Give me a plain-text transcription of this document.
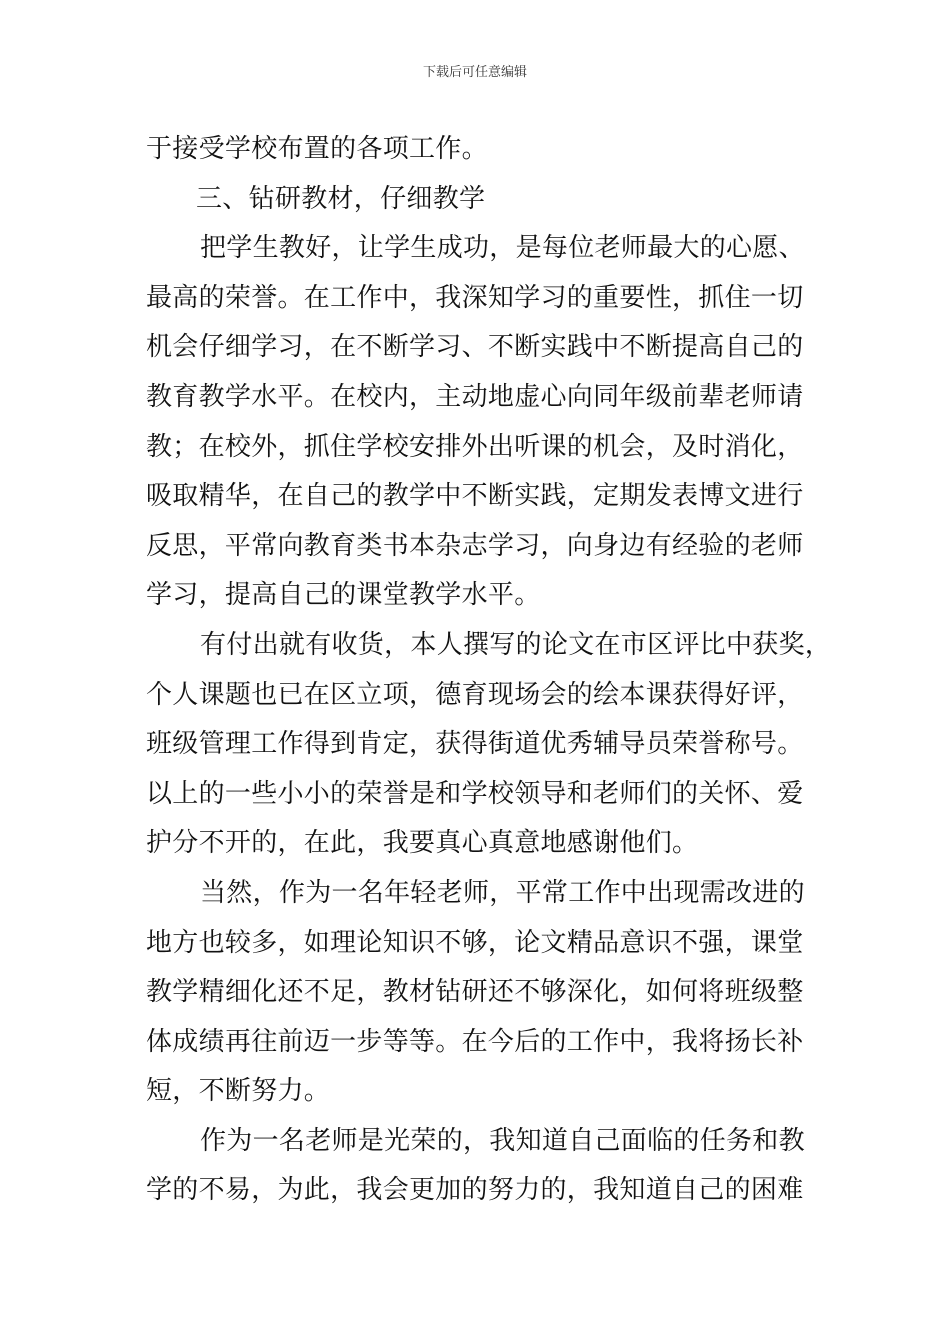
下载后可任意编辑
于接受学校布置的各项工作。
三、钻研教材，仔细教学
把学生教好，让学生成功，是每位老师最大的心愿、
最高的荣誉。在工作中，我深知学习的重要性，抓住一切
机会仔细学习，在不断学习、不断实践中不断提高自己的
教育教学水平。在校内，主动地虚心向同年级前辈老师请
教；在校外，抓住学校安排外出听课的机会，及时消化，
吸取精华，在自己的教学中不断实践，定期发表博文进行
反思，平常向教育类书本杂志学习，向身边有经验的老师
学习，提高自己的课堂教学水平。
有付出就有收货，本人撰写的论文在市区评比中获奖，
个人课题也已在区立项，德育现场会的绘本课获得好评，
班级管理工作得到肯定，获得街道优秀辅导员荣誉称号。
以上的一些小小的荣誉是和学校领导和老师们的关怀、爱
护分不开的，在此，我要真心真意地感谢他们。
当然，作为一名年轻老师，平常工作中出现需改进的
地方也较多，如理论知识不够，论文精品意识不强，课堂
教学精细化还不足，教材钻研还不够深化，如何将班级整
体成绩再往前迈一步等等。在今后的工作中，我将扬长补
短，不断努力。
作为一名老师是光荣的，我知道自己面临的任务和教
学的不易，为此，我会更加的努力的，我知道自己的困难
